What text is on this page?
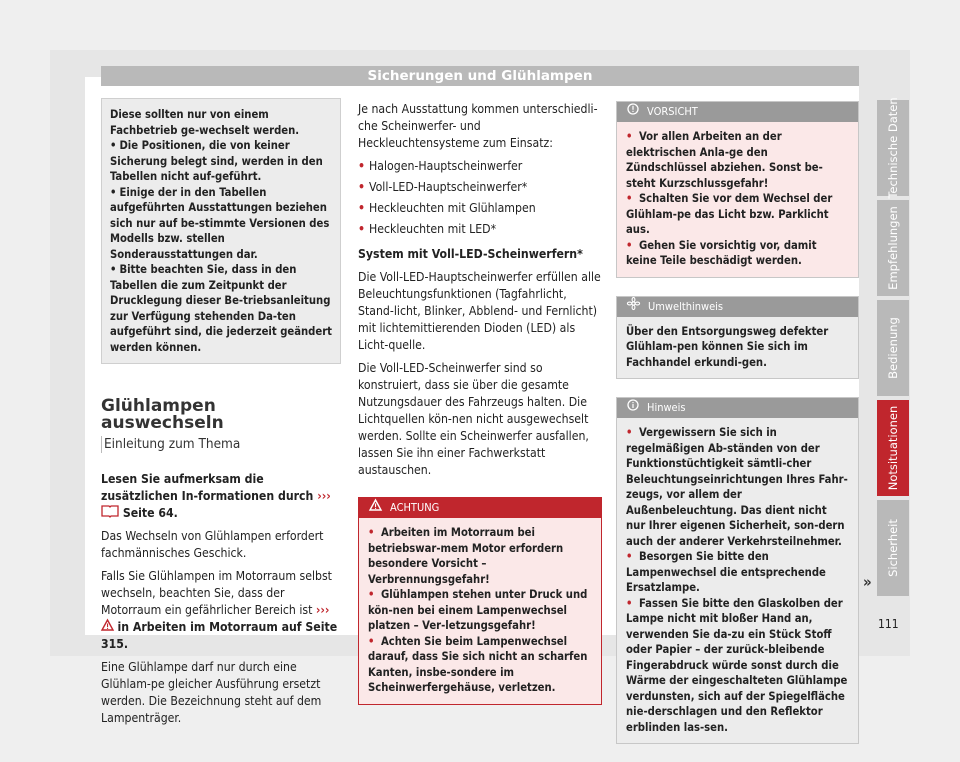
Sicherungen und Glühlampen

Diese sollten nur von einem Fachbetrieb ge-wechselt werden.

• Die Positionen, die von keiner Sicherung belegt sind, werden in den Tabellen nicht auf-geführt.

• Einige der in den Tabellen aufgeführten Ausstattungen beziehen sich nur auf be-stimmte Versionen des Modells bzw. stellen Sonderausstattungen dar.

• Bitte beachten Sie, dass in den Tabellen die zum Zeitpunkt der Drucklegung dieser Be-triebsanleitung zur Verfügung stehenden Da-ten aufgeführt sind, die jederzeit geändert werden können.

Glühlampen auswechseln
Einleitung zum Thema

Lesen Sie aufmerksam die zusätzlichen In-formationen durch ›››  Seite 64.

Das Wechseln von Glühlampen erfordert fachmännisches Geschick.

Falls Sie Glühlampen im Motorraum selbst wechseln, beachten Sie, dass der Motorraum ein gefährlicher Bereich ist ›››  in Arbeiten im Motorraum auf Seite 315.

Eine Glühlampe darf nur durch eine Glühlam-pe gleicher Ausführung ersetzt werden. Die Bezeichnung steht auf dem Lampenträger.

Je nach Ausstattung kommen unterschiedli-che Scheinwerfer- und Heckleuchtensysteme zum Einsatz:

• Halogen-Hauptscheinwerfer

• Voll-LED-Hauptscheinwerfer*

• Heckleuchten mit Glühlampen

• Heckleuchten mit LED*

System mit Voll-LED-Scheinwerfern*

Die Voll-LED-Hauptscheinwerfer erfüllen alle Beleuchtungsfunktionen (Tagfahrlicht, Stand-licht, Blinker, Abblend- und Fernlicht) mit lichtemittierenden Dioden (LED) als Licht-quelle.

Die Voll-LED-Scheinwerfer sind so konstruiert, dass sie über die gesamte Nutzungsdauer des Fahrzeugs halten. Die Lichtquellen kön-nen nicht ausgewechselt werden. Sollte ein Scheinwerfer ausfallen, lassen Sie ihn einer Fachwerkstatt austauschen.

ACHTUNG

• Arbeiten im Motorraum bei betriebswar-mem Motor erfordern besondere Vorsicht – Verbrennungsgefahr!

• Glühlampen stehen unter Druck und kön-nen bei einem Lampenwechsel platzen – Ver-letzungsgefahr!

• Achten Sie beim Lampenwechsel darauf, dass Sie sich nicht an scharfen Kanten, insbe-sondere im Scheinwerfergehäuse, verletzen.

VORSICHT

• Vor allen Arbeiten an der elektrischen Anla-ge den Zündschlüssel abziehen. Sonst be-steht Kurzschlussgefahr!

• Schalten Sie vor dem Wechsel der Glühlam-pe das Licht bzw. Parklicht aus.

• Gehen Sie vorsichtig vor, damit keine Teile beschädigt werden.

Umwelthinweis
Über den Entsorgungsweg defekter Glühlam-pen können Sie sich im Fachhandel erkundi-gen.
Hinweis

• Vergewissern Sie sich in regelmäßigen Ab-ständen von der Funktionstüchtigkeit sämtli-cher Beleuchtungseinrichtungen Ihres Fahr-zeugs, vor allem der Außenbeleuchtung. Das dient nicht nur Ihrer eigenen Sicherheit, son-dern auch der anderer Verkehrsteilnehmer.

• Besorgen Sie bitte den Lampenwechsel die entsprechende Ersatzlampe.

• Fassen Sie bitte den Glaskolben der Lampe nicht mit bloßer Hand an, verwenden Sie da-zu ein Stück Stoff oder Papier – der zurück-bleibende Fingerabdruck würde sonst durch die Wärme der eingeschalteten Glühlampe verdunsten, sich auf der Spiegelfläche nie-derschlagen und den Reflektor erblinden las-sen.

»
Technische Daten
Empfehlungen
Bedienung
Notsituationen
Sicherheit
111
